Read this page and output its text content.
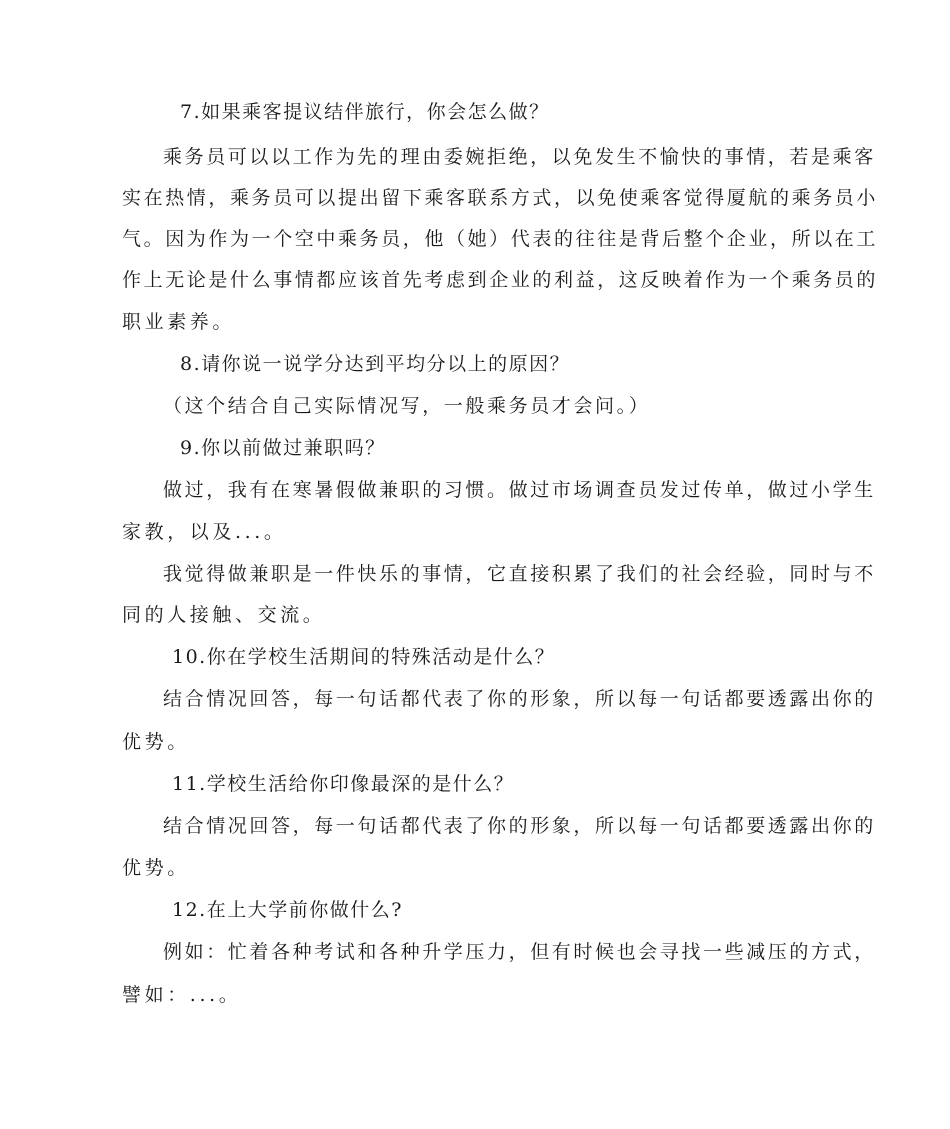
7.如果乘客提议结伴旅行，你会怎么做？
乘务员可以以工作为先的理由委婉拒绝，以免发生不愉快的事情，若是乘客
实在热情，乘务员可以提出留下乘客联系方式，以免使乘客觉得厦航的乘务员小
气。因为作为一个空中乘务员，他（她）代表的往往是背后整个企业，所以在工
作上无论是什么事情都应该首先考虑到企业的利益，这反映着作为一个乘务员的
职业素养。
8.请你说一说学分达到平均分以上的原因？
（这个结合自己实际情况写，一般乘务员才会问。）
9.你以前做过兼职吗？
做过，我有在寒暑假做兼职的习惯。做过市场调查员发过传单，做过小学生
家教，以及...。
我觉得做兼职是一件快乐的事情，它直接积累了我们的社会经验，同时与不
同的人接触、交流。
10.你在学校生活期间的特殊活动是什么？
结合情况回答，每一句话都代表了你的形象，所以每一句话都要透露出你的
优势。
11.学校生活给你印像最深的是什么？
结合情况回答，每一句话都代表了你的形象，所以每一句话都要透露出你的
优势。
12.在上大学前你做什么?
例如：忙着各种考试和各种升学压力，但有时候也会寻找一些减压的方式，
譬如：...。
